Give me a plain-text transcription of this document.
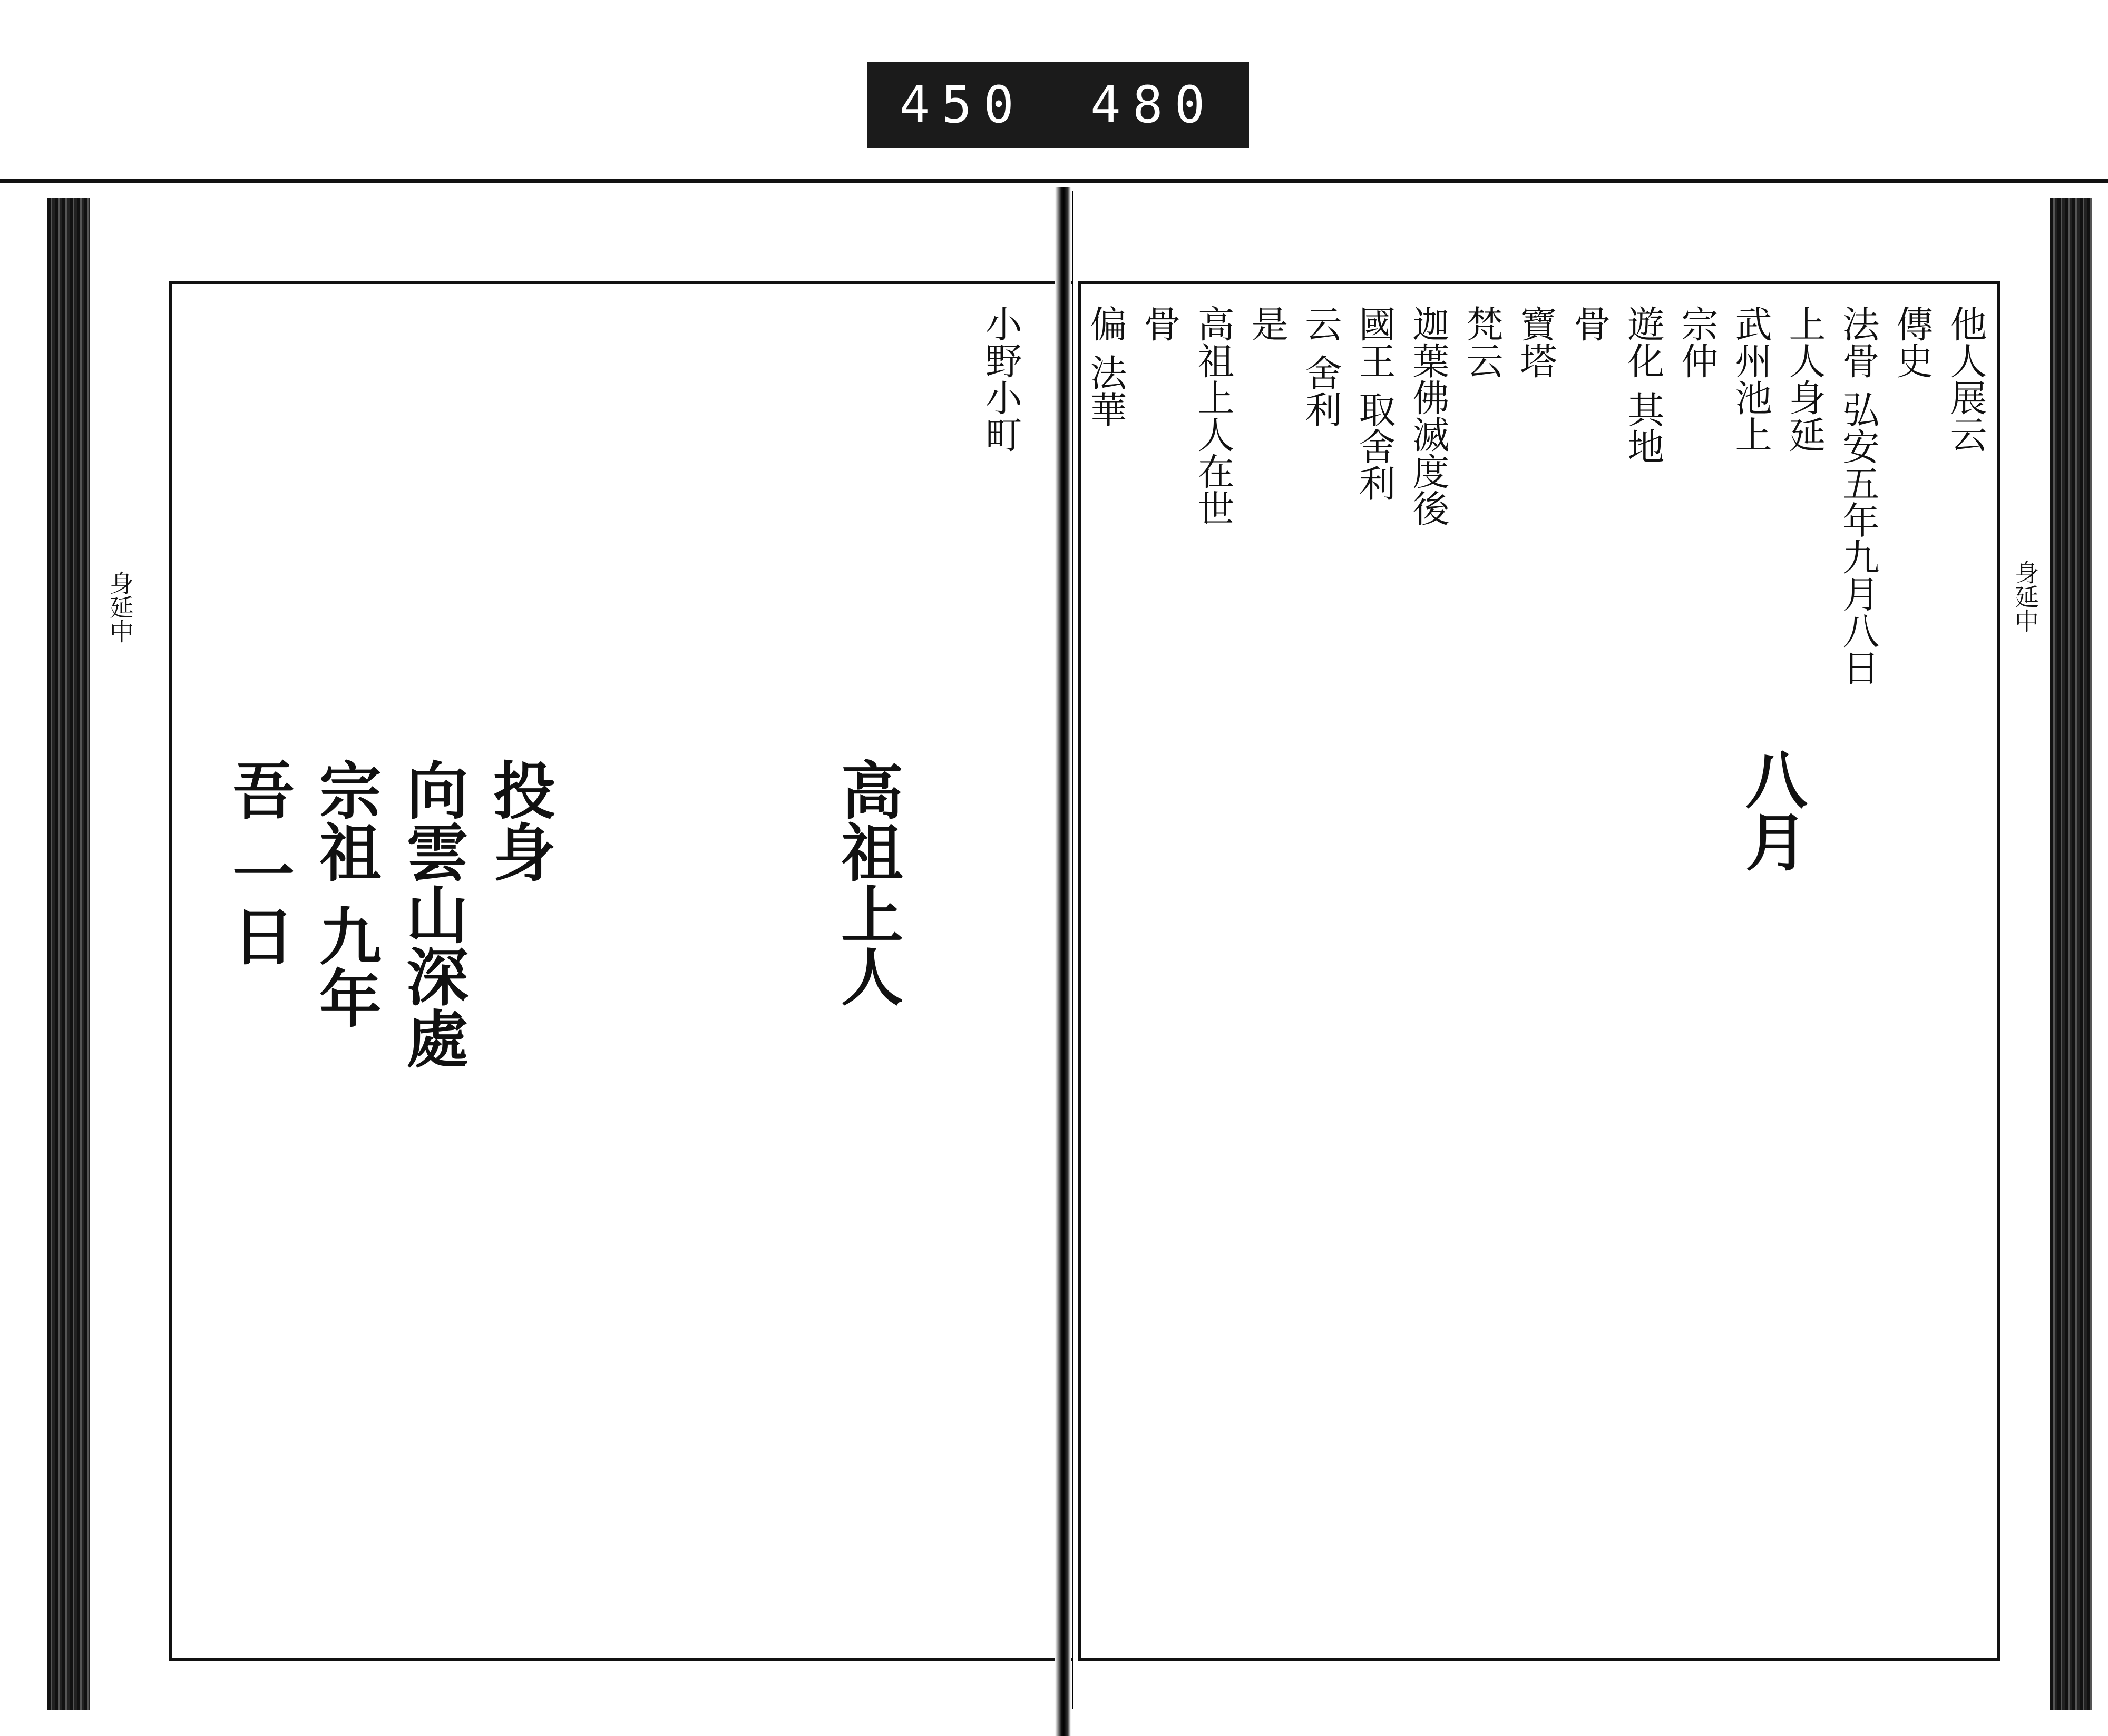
450 480
身延中
小野小町
高祖上人
投身
向雲山深處
宗祖 九年
吾 一日
身延中
他人展云
傳史
法骨 弘安五年九月八日
上人身延
武州池上
宗仲
遊化 其地
骨
寶塔
梵云
迦葉佛滅度後
國王 取舍利
云 舍利
是
高祖上人在世
骨
偏 法華
八月
